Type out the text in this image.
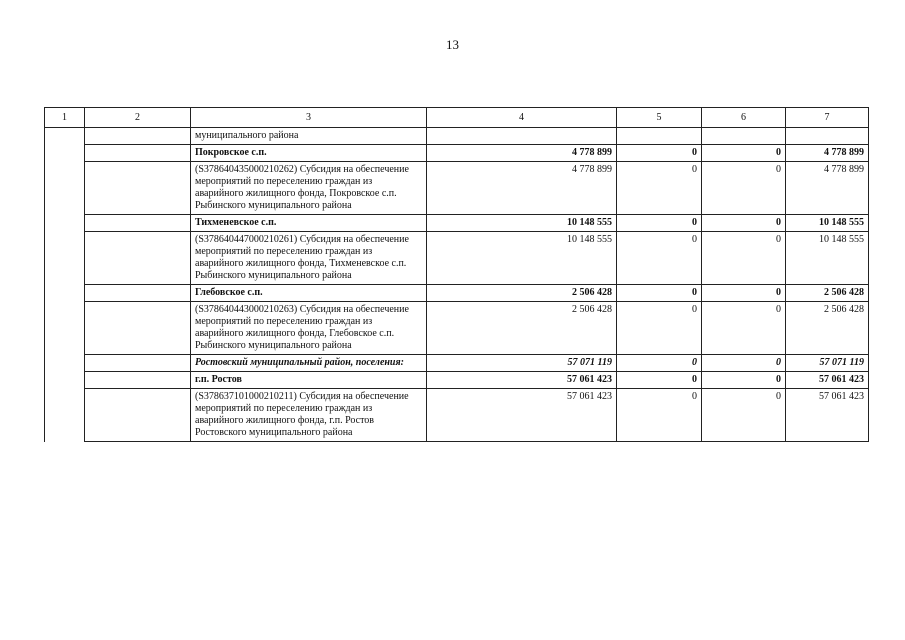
13
1	2	3	4	5	6	7
		муниципального района				
		Покровское с.п.	4 778 899	0	0	4 778 899
		(S378640435000210262) Субсидия на обеспечение мероприятий по переселению граждан из аварийного жилищного фонда, Покровское с.п. Рыбинского муниципального района	4 778 899	0	0	4 778 899
		Тихменевское с.п.	10 148 555	0	0	10 148 555
		(S378640447000210261) Субсидия на обеспечение мероприятий по переселению граждан из аварийного жилищного фонда, Тихменевское с.п. Рыбинского муниципального района	10 148 555	0	0	10 148 555
		Глебовское с.п.	2 506 428	0	0	2 506 428
		(S378640443000210263) Субсидия на обеспечение мероприятий по переселению граждан из аварийного жилищного фонда, Глебовское с.п. Рыбинского муниципального района	2 506 428	0	0	2 506 428
		Ростовский муниципальный район, поселения:	57 071 119	0	0	57 071 119
		г.п. Ростов	57 061 423	0	0	57 061 423
		(S378637101000210211) Субсидия на обеспечение мероприятий по переселению граждан из аварийного жилищного фонда, г.п. Ростов Ростовского муниципального района	57 061 423	0	0	57 061 423
